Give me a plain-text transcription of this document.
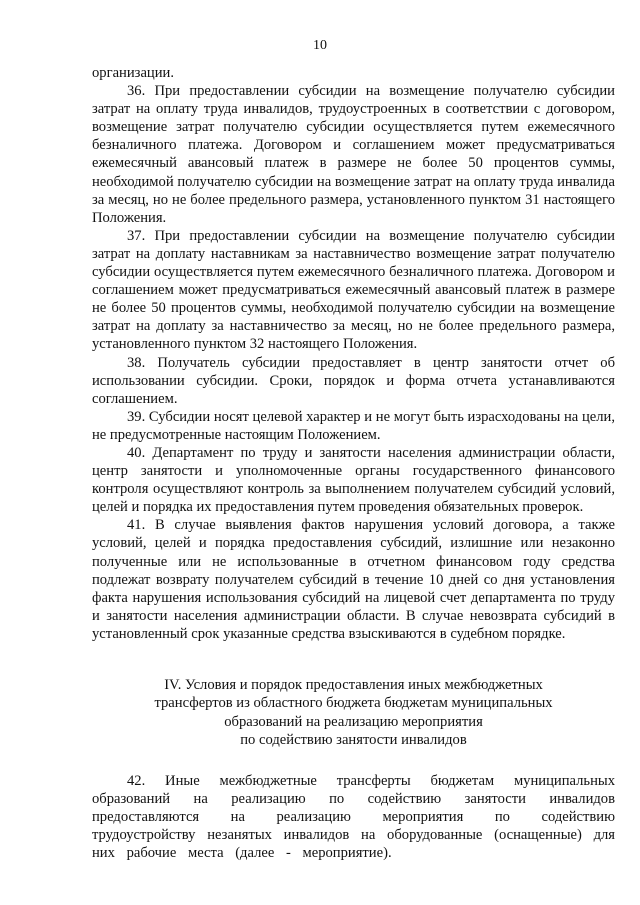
10

организации.

36. При предоставлении субсидии на возмещение получателю субсидии затрат на оплату труда инвалидов, трудоустроенных в соответствии с договором, возмещение затрат получателю субсидии осуществляется путем ежемесячного безналичного платежа. Договором и соглашением может предусматриваться ежемесячный авансовый платеж в размере не более 50 процентов суммы, необходимой получателю субсидии на возмещение затрат на оплату труда инвалида за месяц, но не более предельного размера, установленного пунктом 31 настоящего Положения.

37. При предоставлении субсидии на возмещение получателю субсидии затрат на доплату наставникам за наставничество возмещение затрат получателю субсидии осуществляется путем ежемесячного безналичного платежа. Договором и соглашением может предусматриваться ежемесячный авансовый платеж в размере не более 50 процентов суммы, необходимой получателю субсидии на возмещение затрат на доплату за наставничество за месяц, но не более предельного размера, установленного пунктом 32 настоящего Положения.

38. Получатель субсидии предоставляет в центр занятости отчет об использовании субсидии. Сроки, порядок и форма отчета устанавливаются соглашением.

39. Субсидии носят целевой характер и не могут быть израсходованы на цели, не предусмотренные настоящим Положением.

40. Департамент по труду и занятости населения администрации области, центр занятости и уполномоченные органы государственного финансового контроля осуществляют контроль за выполнением получателем субсидий условий, целей и порядка их предоставления путем проведения обязательных проверок.

41. В случае выявления фактов нарушения условий договора, а также условий, целей и порядка предоставления субсидий, излишние или незаконно полученные или не использованные в отчетном финансовом году средства подлежат возврату получателем субсидий в течение 10 дней со дня установления факта нарушения использования субсидий на лицевой счет департамента по труду и занятости населения администрации области. В случае невозврата субсидий в установленный срок указанные средства взыскиваются в судебном порядке.

IV. Условия и порядок предоставления иных межбюджетных
трансфертов из областного бюджета бюджетам муниципальных
образований на реализацию мероприятия
по содействию занятости инвалидов

42. Иные межбюджетные трансферты бюджетам муниципальных образований на реализацию по содействию занятости инвалидов предоставляются на реализацию мероприятия по содействию трудоустройству незанятых инвалидов на оборудованные (оснащенные) для них рабочие места (далее - мероприятие).
